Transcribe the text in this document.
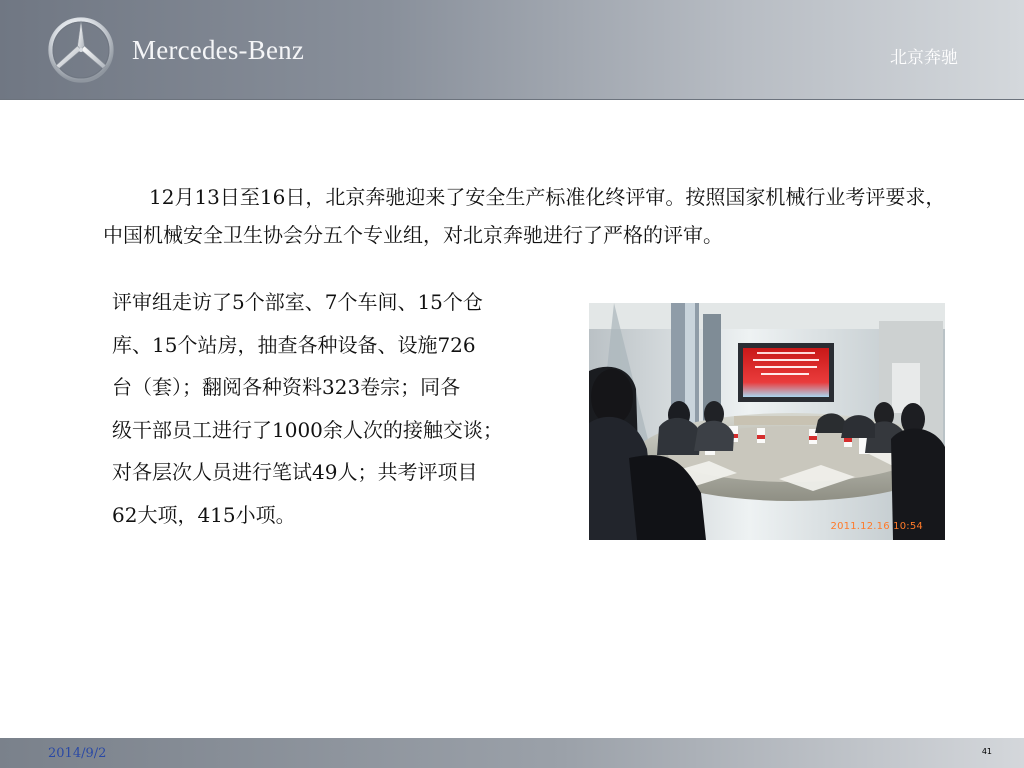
Mercedes-Benz	北京奔驰
12月13日至16日，北京奔驰迎来了安全生产标准化终评审。按照国家机械行业考评要求，中国机械安全卫生协会分五个专业组，对北京奔驰进行了严格的评审。
评审组走访了5个部室、7个车间、15个仓
库、15个站房，抽查各种设备、设施726
台（套）；翻阅各种资料323卷宗；同各
级干部员工进行了1000余人次的接触交谈；
对各层次人员进行笔试49人；共考评项目
62大项，415小项。	2011.12.16 10:54
2014/9/2	41
